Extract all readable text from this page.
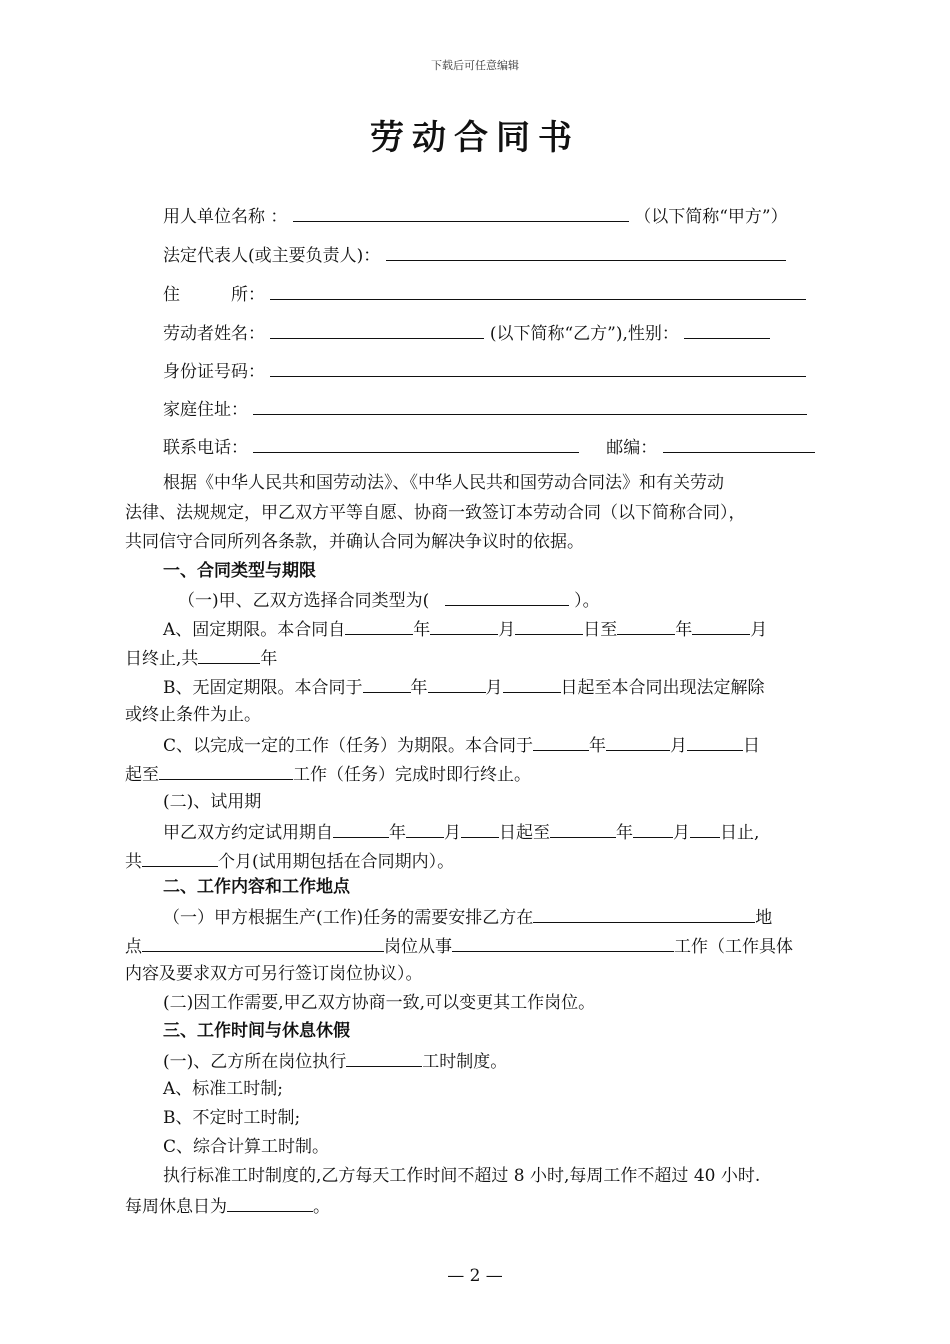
下载后可任意编辑
劳动合同书
用人单位名称 ：	（以下简称“甲方”）
法定代表人(或主要负责人)：
住　　　所：
劳动者姓名：	(以下简称“乙方”),性别：
身份证号码：
家庭住址：
联系电话：	邮编：
根据《中华人民共和国劳动法》、《中华人民共和国劳动合同法》和有关劳动
法律、法规规定，甲乙双方平等自愿、协商一致签订本劳动合同（以下简称合同），
共同信守合同所列各条款，并确认合同为解决争议时的依据。
一、合同类型与期限
（一)甲、乙双方选择合同类型为(	）。
A、固定期限。本合同自	年	月	日至	年	月
日终止,共	年
B、无固定期限。本合同于	年	月	日起至本合同出现法定解除
或终止条件为止。
C、以完成一定的工作（任务）为期限。本合同于	年	月	日
起至	工作（任务）完成时即行终止。
(二)、试用期
甲乙双方约定试用期自	年 月 日起至	年 月 日止,
共	个月(试用期包括在合同期内）。
二、工作内容和工作地点
（一）甲方根据生产(工作)任务的需要安排乙方在	地
点	岗位从事	工作（工作具体
内容及要求双方可另行签订岗位协议）。
(二)因工作需要,甲乙双方协商一致,可以变更其工作岗位。
三、工作时间与休息休假
(一)、乙方所在岗位执行	工时制度。
A、标准工时制;
B、不定时工时制;
C、综合计算工时制。
执行标准工时制度的,乙方每天工作时间不超过 8 小时,每周工作不超过 40 小时.
每周休息日为	。
— 2 —
